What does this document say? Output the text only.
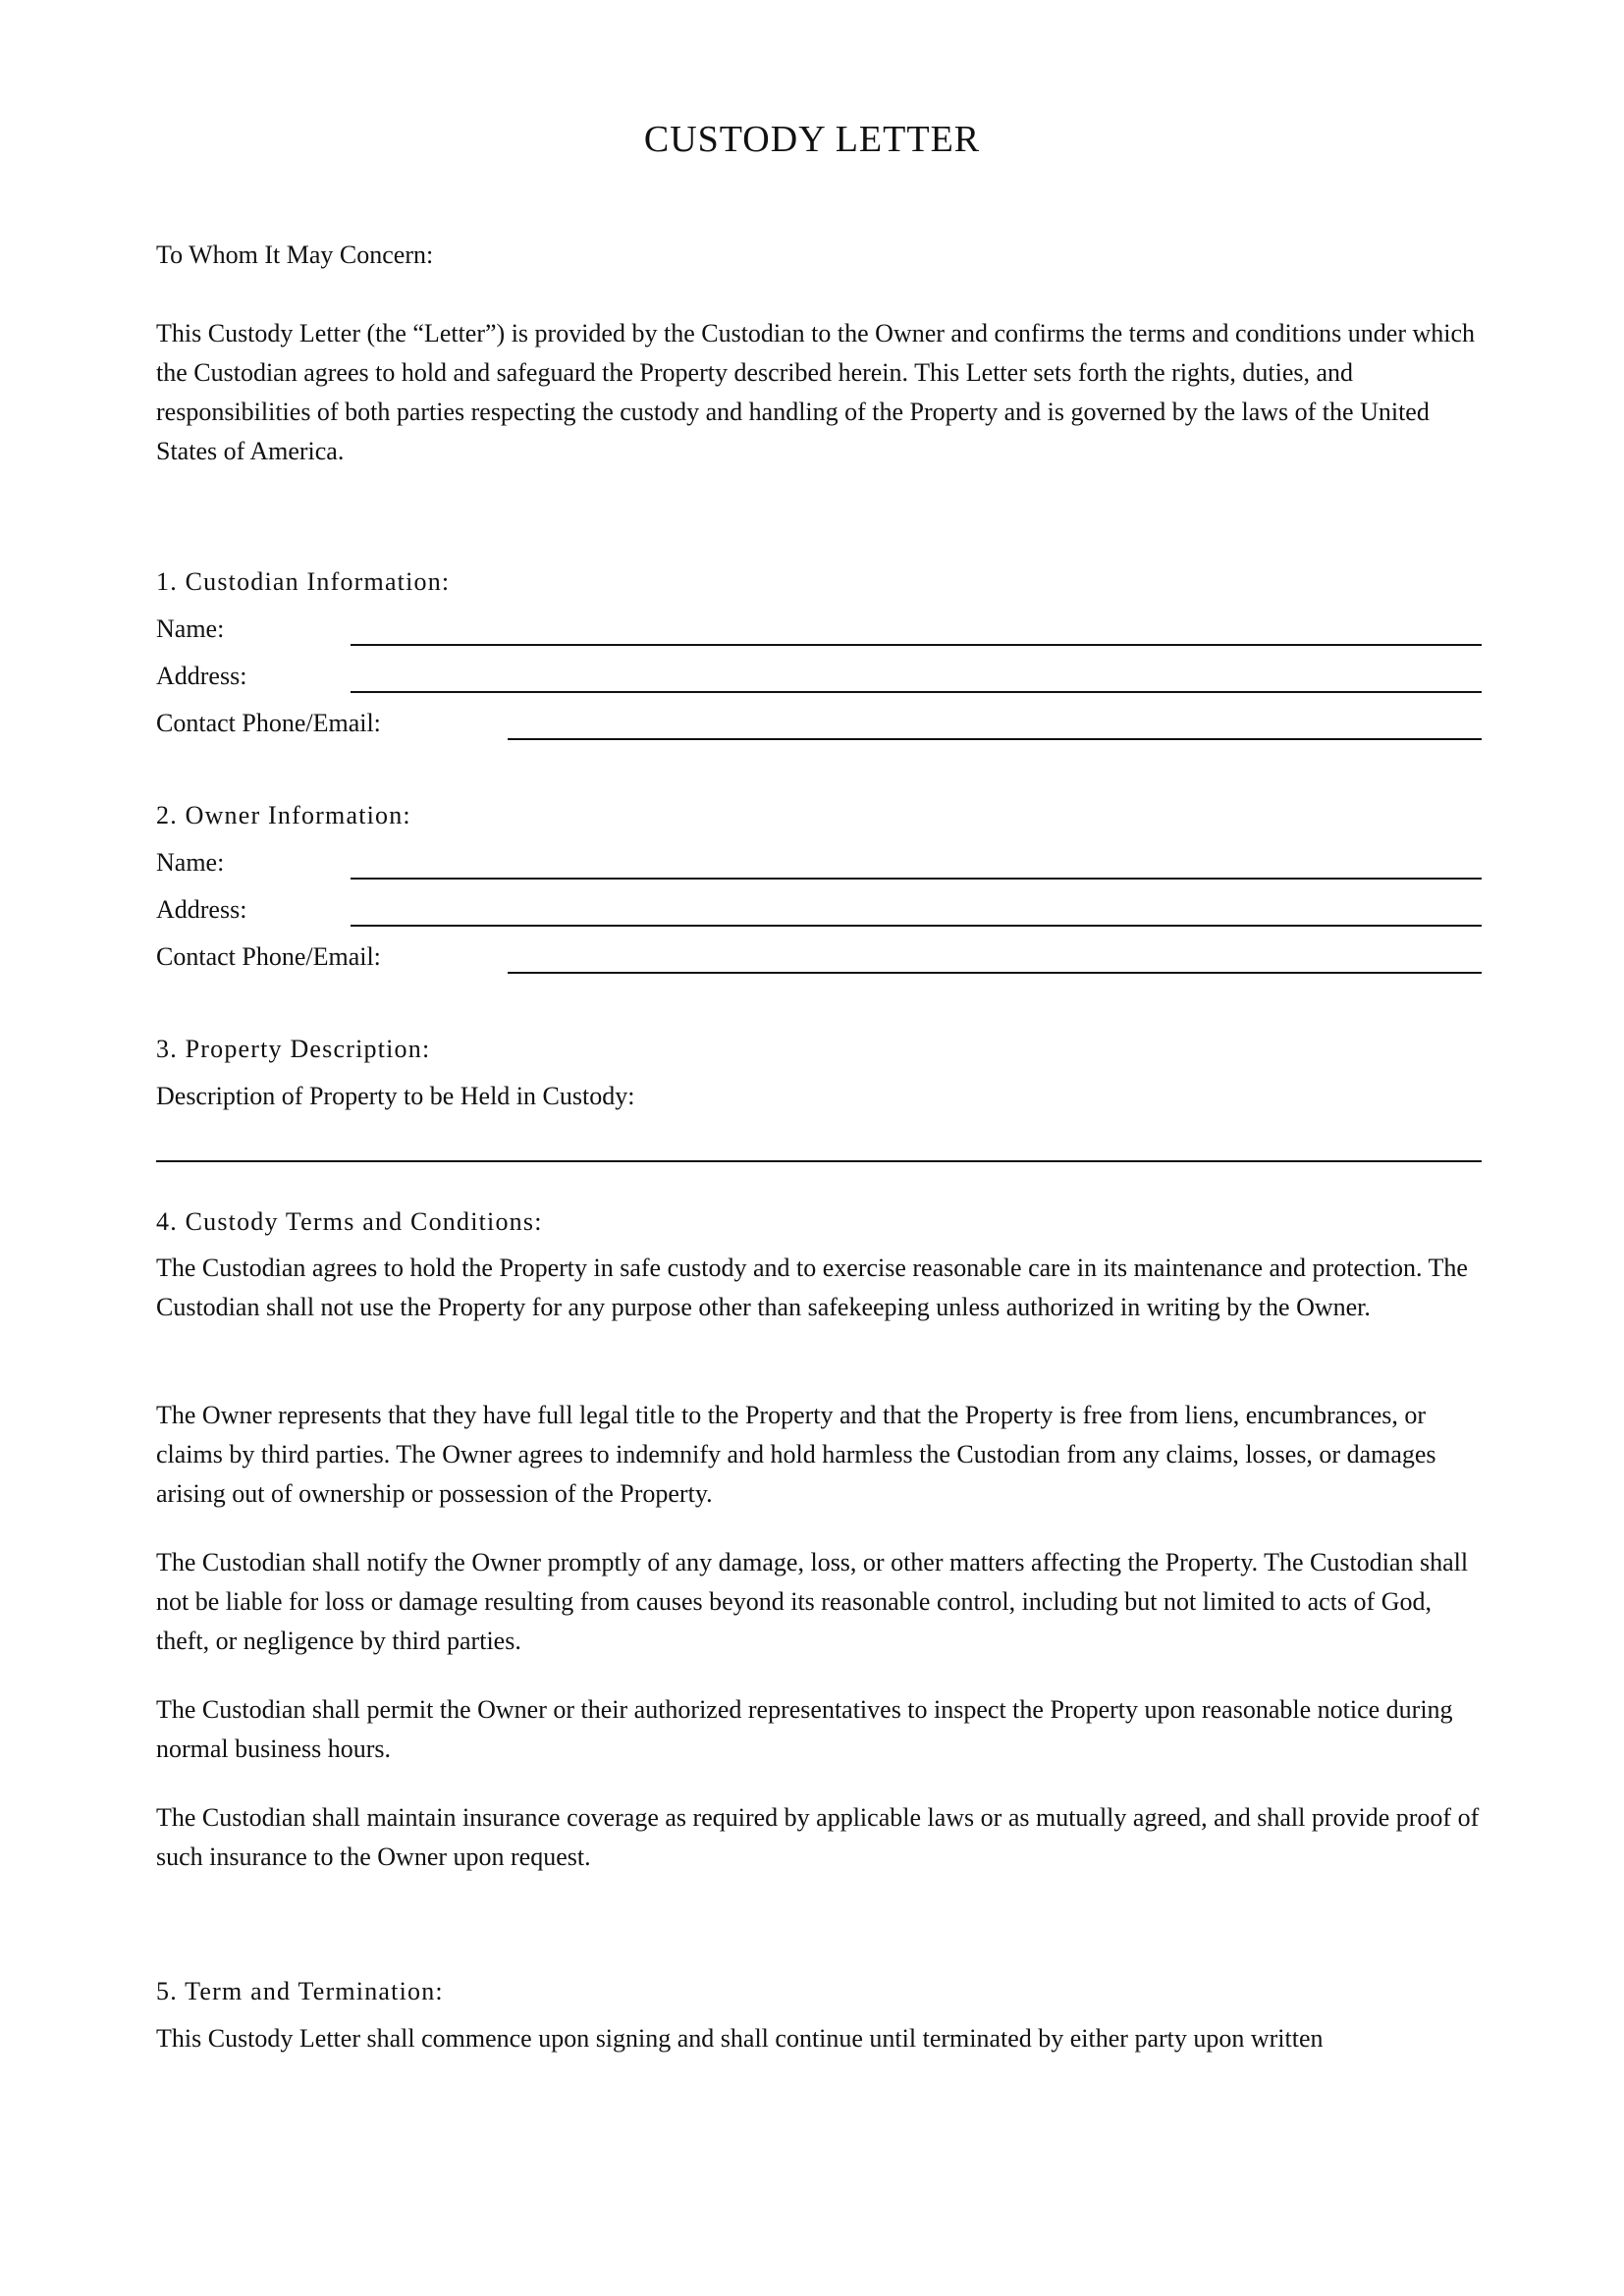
CUSTODY LETTER
To Whom It May Concern:
This Custody Letter (the “Letter”) is provided by the Custodian to the Owner and confirms the terms and conditions under which the Custodian agrees to hold and safeguard the Property described herein. This Letter sets forth the rights, duties, and responsibilities of both parties respecting the custody and handling of the Property and is governed by the laws of the United States of America.
1. Custodian Information:
Name:
Address:
Contact Phone/Email:
2. Owner Information:
Name:
Address:
Contact Phone/Email:
3. Property Description:
Description of Property to be Held in Custody:
4. Custody Terms and Conditions:
The Custodian agrees to hold the Property in safe custody and to exercise reasonable care in its maintenance and protection. The Custodian shall not use the Property for any purpose other than safekeeping unless authorized in writing by the Owner.
The Owner represents that they have full legal title to the Property and that the Property is free from liens, encumbrances, or claims by third parties. The Owner agrees to indemnify and hold harmless the Custodian from any claims, losses, or damages arising out of ownership or possession of the Property.
The Custodian shall notify the Owner promptly of any damage, loss, or other matters affecting the Property. The Custodian shall not be liable for loss or damage resulting from causes beyond its reasonable control, including but not limited to acts of God, theft, or negligence by third parties.
The Custodian shall permit the Owner or their authorized representatives to inspect the Property upon reasonable notice during normal business hours.
The Custodian shall maintain insurance coverage as required by applicable laws or as mutually agreed, and shall provide proof of such insurance to the Owner upon request.
5. Term and Termination:
This Custody Letter shall commence upon signing and shall continue until terminated by either party upon written
